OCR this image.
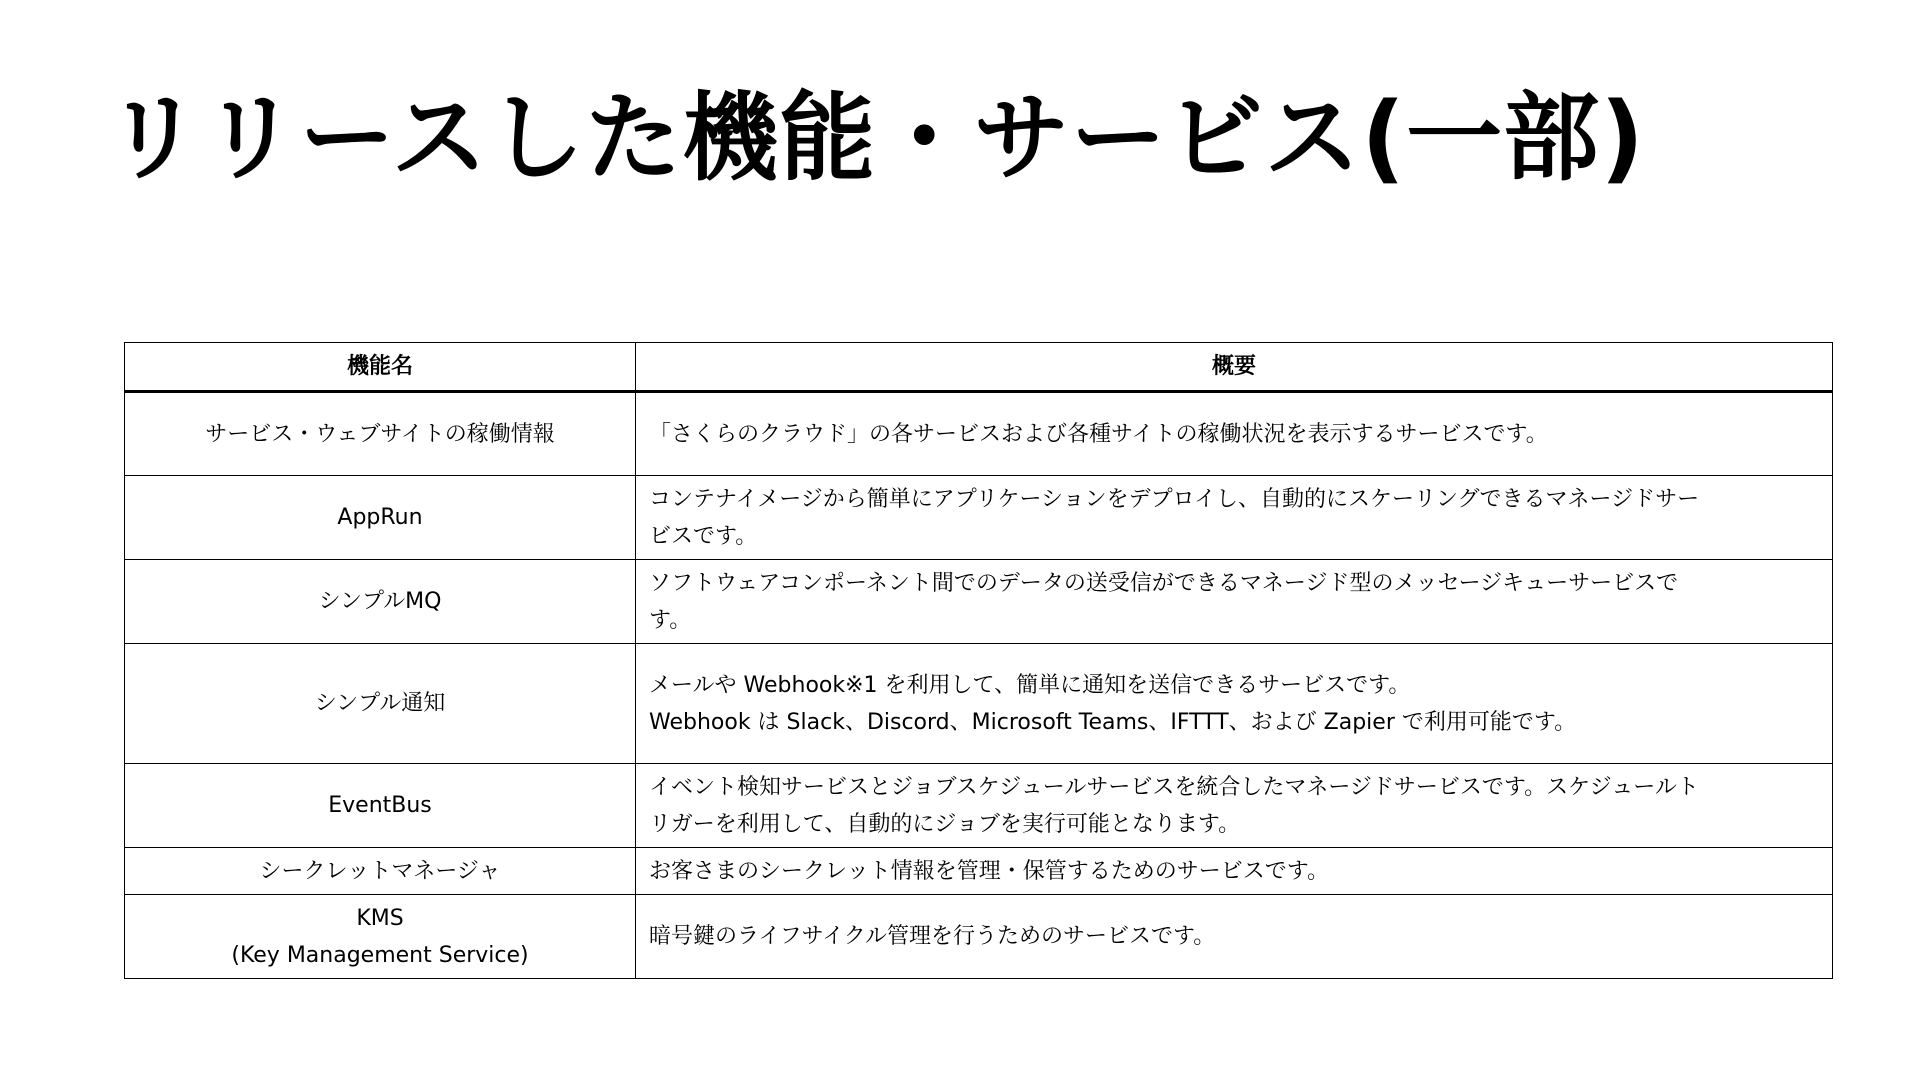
リリースした機能・サービス(一部)
機能名	概要

サービス・ウェブサイトの稼働情報	「さくらのクラウド」の各サービスおよび各種サイトの稼働状況を表示するサービスです。

AppRun	コンテナイメージから簡単にアプリケーションをデプロイし、自動的にスケーリングできるマネージドサー
ビスです。

シンプルMQ	ソフトウェアコンポーネント間でのデータの送受信ができるマネージド型のメッセージキューサービスで
す。

シンプル通知	メールや Webhook※1 を利用して、簡単に通知を送信できるサービスです。
Webhook は Slack、Discord、Microsoft Teams、IFTTT、および Zapier で利用可能です。

EventBus	イベント検知サービスとジョブスケジュールサービスを統合したマネージドサービスです。スケジュールト
リガーを利用して、自動的にジョブを実行可能となります。

シークレットマネージャ	お客さまのシークレット情報を管理・保管するためのサービスです。

KMS
(Key Management Service)	暗号鍵のライフサイクル管理を行うためのサービスです。
